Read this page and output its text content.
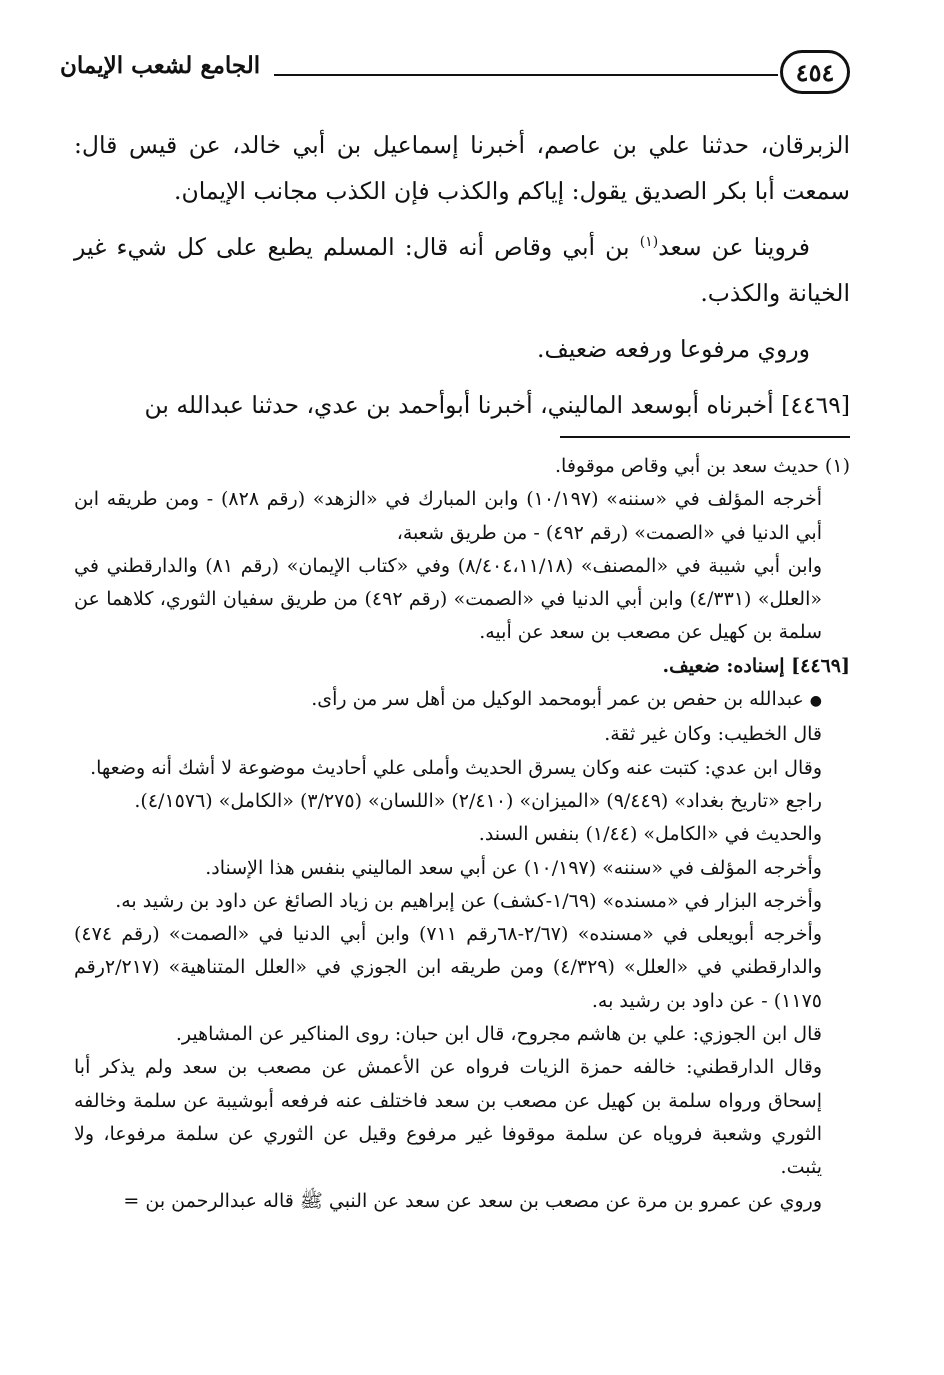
٤٥٤
الجامع لشعب الإيمان

الزبرقان، حدثنا علي بن عاصم، أخبرنا إسماعيل بن أبي خالد، عن قيس قال: سمعت أبا بكر الصديق يقول: إياكم والكذب فإن الكذب مجانب الإيمان.

فروينا عن سعد$^{(١)}$ بن أبي وقاص أنه قال: المسلم يطبع على كل شيء غير الخيانة والكذب.

وروي مرفوعا ورفعه ضعيف.

[٤٤٦٩] أخبرناه أبوسعد الماليني، أخبرنا أبوأحمد بن عدي، حدثنا عبدالله بن

(١) حديث سعد بن أبي وقاص موقوفا.

أخرجه المؤلف في «سننه» (١٠/١٩٧) وابن المبارك في «الزهد» (رقم ٨٢٨) - ومن طريقه ابن أبي الدنيا في «الصمت» (رقم ٤٩٢) - من طريق شعبة،

وابن أبي شيبة في «المصنف» (٨/٤٠٤،١١/١٨) وفي «كتاب الإيمان» (رقم ٨١) والدارقطني في «العلل» (٤/٣٣١) وابن أبي الدنيا في «الصمت» (رقم ٤٩٢) من طريق سفيان الثوري، كلاهما عن سلمة بن كهيل عن مصعب بن سعد عن أبيه.

[٤٤٦٩] إسناده: ضعيف.

●عبدالله بن حفص بن عمر أبومحمد الوكيل من أهل سر من رأى.

قال الخطيب: وكان غير ثقة.

وقال ابن عدي: كتبت عنه وكان يسرق الحديث وأملى علي أحاديث موضوعة لا أشك أنه وضعها.

راجع «تاريخ بغداد» (٩/٤٤٩) «الميزان» (٢/٤١٠) «اللسان» (٣/٢٧٥) «الكامل» (٤/١٥٧٦).

والحديث في «الكامل» (١/٤٤) بنفس السند.

وأخرجه المؤلف في «سننه» (١٠/١٩٧) عن أبي سعد الماليني بنفس هذا الإسناد.

وأخرجه البزار في «مسنده» (١/٦٩-كشف) عن إبراهيم بن زياد الصائغ عن داود بن رشيد به.

وأخرجه أبويعلى في «مسنده» (٢/٦٧-٦٨رقم ٧١١) وابن أبي الدنيا في «الصمت» (رقم ٤٧٤) والدارقطني في «العلل» (٤/٣٢٩) ومن طريقه ابن الجوزي في «العلل المتناهية» (٢/٢١٧رقم ١١٧٥) - عن داود بن رشيد به.

قال ابن الجوزي: علي بن هاشم مجروح، قال ابن حبان: روى المناكير عن المشاهير.

وقال الدارقطني: خالفه حمزة الزيات فرواه عن الأعمش عن مصعب بن سعد ولم يذكر أبا إسحاق ورواه سلمة بن كهيل عن مصعب بن سعد فاختلف عنه فرفعه أبوشيبة عن سلمة وخالفه الثوري وشعبة فروياه عن سلمة موقوفا غير مرفوع وقيل عن الثوري عن سلمة مرفوعا، ولا يثبت.

وروي عن عمرو بن مرة عن مصعب بن سعد عن سعد عن النبي ﷺ قاله عبدالرحمن بن =
